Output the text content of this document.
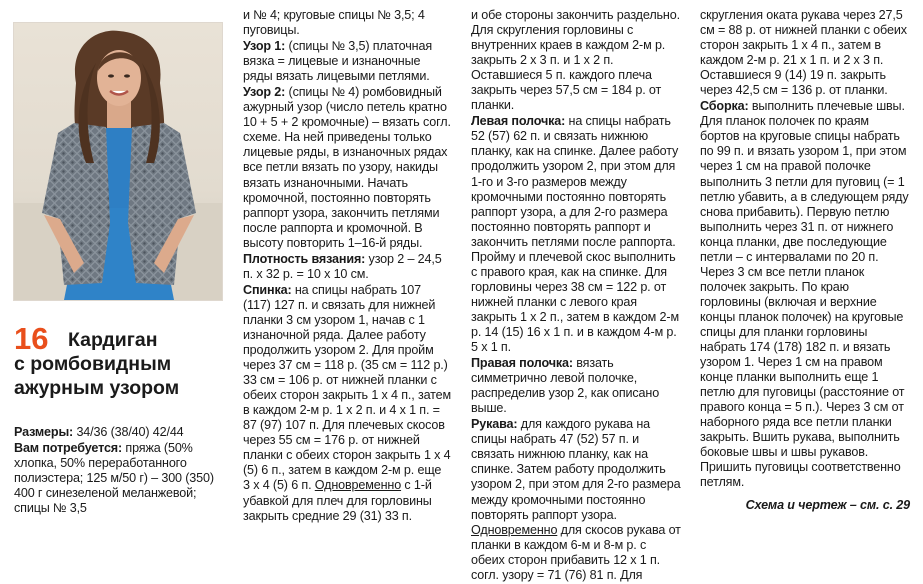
16 Кардиган
с ромбовидным
ажурным узором

Размеры: 34/36 (38/40) 42/44

Вам потребуется: пряжа (50% хлопка, 50% переработанного полиэстера; 125 м/50 г) – 300 (350) 400 г синезеленой меланжевой; спицы № 3,5

и № 4; круговые спицы № 3,5; 4 пуговицы.

Узор 1: (спицы № 3,5) платочная вязка = лицевые и изнаночные ряды вязать лицевыми петлями.

Узор 2: (спицы № 4) ромбовидный ажурный узор (число петель кратно 10 + 5 + 2 кромочные) – вязать согл. схеме. На ней приведены только лицевые ряды, в изнаночных рядах все петли вязать по узору, накиды вязать изнаночными. Начать кромочной, постоянно повторять раппорт узора, закончить петлями после раппорта и кромочной. В высоту повторить 1–16-й ряды.

Плотность вязания: узор 2 – 24,5 п. х 32 р. = 10 х 10 см.

Спинка: на спицы набрать 107 (117) 127 п. и связать для нижней планки 3 см узором 1, начав с 1 изнаночной ряда. Далее работу продолжить узором 2. Для пройм через 37 см = 118 р. (35 см = 112 р.) 33 см = 106 р. от нижней планки с обеих сторон закрыть 1 х 4 п., затем в каждом 2-м р. 1 х 2 п. и 4 х 1 п. = 87 (97) 107 п. Для плечевых скосов через 55 см = 176 р. от нижней планки с обеих сторон закрыть 1 х 4 (5) 6 п., затем в каждом 2-м р. еще 3 х 4 (5) 6 п. Одновременно с 1-й убавкой для плеч для горловины закрыть средние 29 (31) 33 п.

и обе стороны закончить раздельно. Для скругления горловины с внутренних краев в каждом 2-м р. закрыть 2 х 3 п. и 1 х 2 п. Оставшиеся 5 п. каждого плеча закрыть через 57,5 см = 184 р. от планки.

Левая полочка: на спицы набрать 52 (57) 62 п. и связать нижнюю планку, как на спинке. Далее работу продолжить узором 2, при этом для 1-го и 3-го размеров между кромочными постоянно повторять раппорт узора, а для 2-го размера постоянно повторять раппорт и закончить петлями после раппорта. Пройму и плечевой скос выполнить с правого края, как на спинке. Для горловины через 38 см = 122 р. от нижней планки с левого края закрыть 1 х 2 п., затем в каждом 2-м р. 14 (15) 16 х 1 п. и в каждом 4-м р. 5 х 1 п.

Правая полочка: вязать симметрично левой полочке, распределив узор 2, как описано выше.

Рукава: для каждого рукава на спицы набрать 47 (52) 57 п. и связать нижнюю планку, как на спинке. Затем работу продолжить узором 2, при этом для 2-го размера между кромочными постоянно повторять раппорт узора. Одновременно для скосов рукава от планки в каждом 6-м и 8-м р. с обеих сторон прибавить 12 х 1 п. согл. узору = 71 (76) 81 п. Для

скругления оката рукава через 27,5 см = 88 р. от нижней планки с обеих сторон закрыть 1 х 4 п., затем в каждом 2-м р. 21 х 1 п. и 2 х 3 п. Оставшиеся 9 (14) 19 п. закрыть через 42,5 см = 136 р. от планки.

Сборка: выполнить плечевые швы. Для планок полочек по краям бортов на круговые спицы набрать по 99 п. и вязать узором 1, при этом через 1 см на правой полочке выполнить 3 петли для пуговиц (= 1 петлю убавить, а в следующем ряду снова прибавить). Первую петлю выполнить через 31 п. от нижнего конца планки, две последующие петли – с интервалами по 20 п. Через 3 см все петли планок полочек закрыть. По краю горловины (включая и верхние концы планок полочек) на круговые спицы для планки горловины набрать 174 (178) 182 п. и вязать узором 1. Через 1 см на правом конце планки выполнить еще 1 петлю для пуговицы (расстояние от правого конца = 5 п.). Через 3 см от наборного ряда все петли планки закрыть. Вшить рукава, выполнить боковые швы и швы рукавов. Пришить пуговицы соответственно петлям.

Схема и чертеж – см. с. 29
